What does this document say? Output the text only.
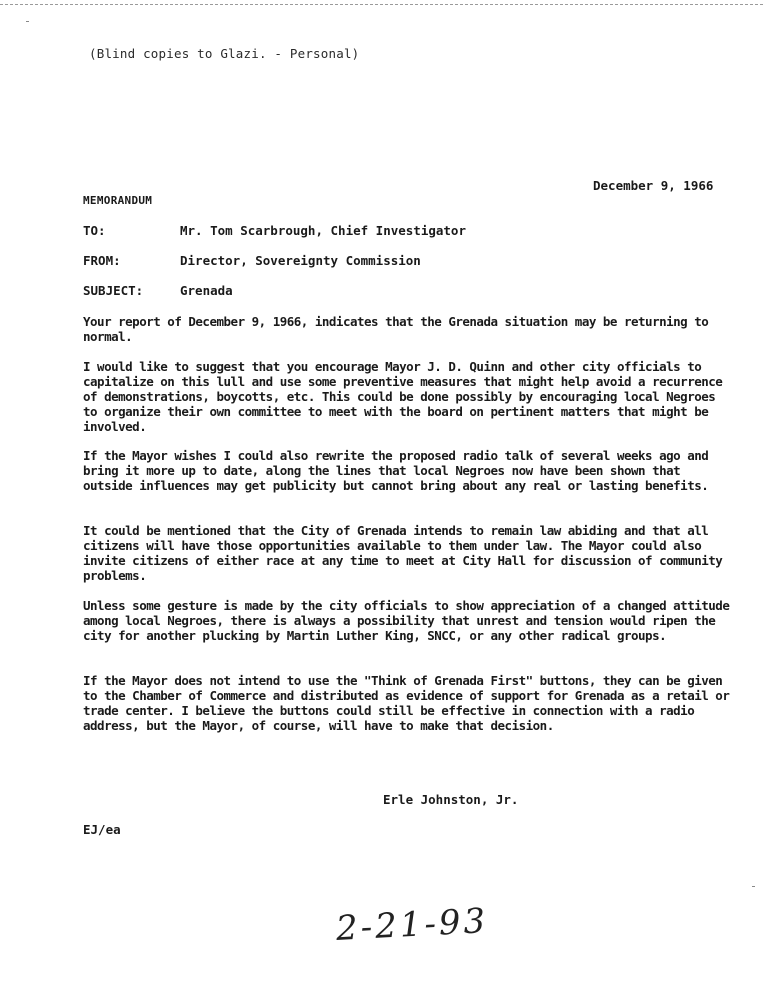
(Blind copies to Glazi. - Personal)
December 9, 1966
MEMORANDUM
TO:	Mr. Tom Scarbrough, Chief Investigator
FROM:	Director, Sovereignty Commission
SUBJECT:	Grenada
Your report of December 9, 1966, indicates that the Grenada situation may be returning to normal.
I would like to suggest that you encourage Mayor J. D. Quinn and other city officials to capitalize on this lull and use some preventive measures that might help avoid a recurrence of demonstrations, boycotts, etc. This could be done possibly by encouraging local Negroes to organize their own committee to meet with the board on pertinent matters that might be involved.
If the Mayor wishes I could also rewrite the proposed radio talk of several weeks ago and bring it more up to date, along the lines that local Negroes now have been shown that outside influences may get publicity but cannot bring about any real or lasting benefits.
It could be mentioned that the City of Grenada intends to remain law abiding and that all citizens will have those opportunities available to them under law. The Mayor could also invite citizens of either race at any time to meet at City Hall for discussion of community problems.
Unless some gesture is made by the city officials to show appreciation of a changed attitude among local Negroes, there is always a possibility that unrest and tension would ripen the city for another plucking by Martin Luther King, SNCC, or any other radical groups.
If the Mayor does not intend to use the "Think of Grenada First" buttons, they can be given to the Chamber of Commerce and distributed as evidence of support for Grenada as a retail or trade center. I believe the buttons could still be effective in connection with a radio address, but the Mayor, of course, will have to make that decision.
Erle Johnston, Jr.
EJ/ea
2-21-93
